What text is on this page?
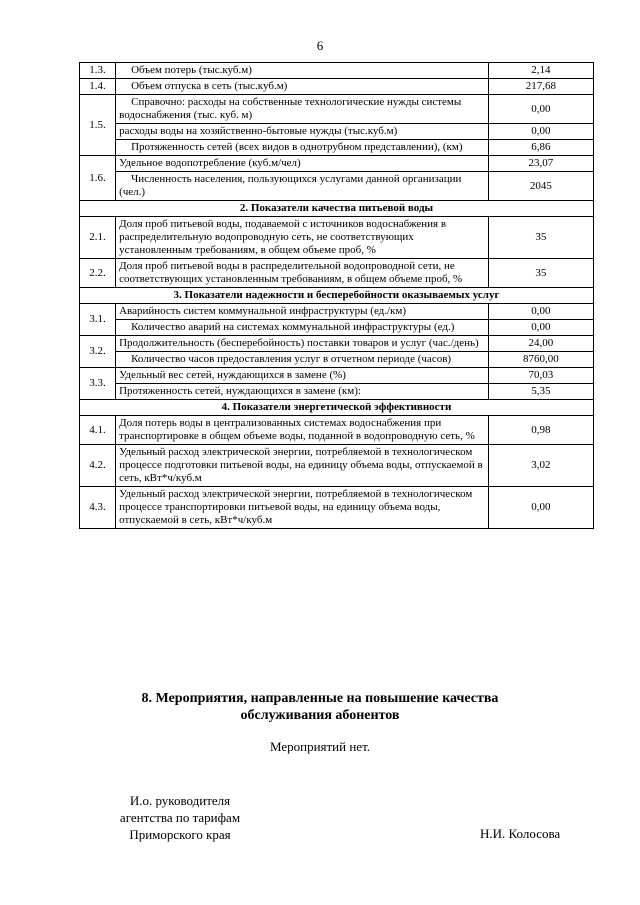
6
1.3.	Объем потерь (тыс.куб.м)	2,14
1.4.	Объем отпуска в сеть (тыс.куб.м)	217,68
1.5.	Справочно: расходы на собственные технологические нужды системы водоснабжения (тыс. куб. м)	0,00
	расходы воды на хозяйственно-бытовые нужды (тыс.куб.м)	0,00
	Протяженность сетей (всех видов в однотрубном представлении), (км)	6,86
1.6.	Удельное водопотребление (куб.м/чел)	23,07
	Численность населения, пользующихся услугами данной организации (чел.)	2045
2. Показатели качества питьевой воды		
2.1.	Доля проб питьевой воды, подаваемой с источников водоснабжения в распределительную водопроводную сеть, не соответствующих установленным требованиям, в общем объеме проб, %	35
2.2.	Доля проб питьевой воды в распределительной водопроводной сети, не соответствующих установленным требованиям, в общем объеме проб, %	35
3. Показатели надежности и бесперебойности оказываемых услуг		
3.1.	Аварийность систем коммунальной инфраструктуры (ед./км)	0,00
	Количество аварий на системах коммунальной инфраструктуры (ед.)	0,00
3.2.	Продолжительность (бесперебойность) поставки товаров и услуг (час./день)	24,00
	Количество часов предоставления услуг в отчетном периоде (часов)	8760,00
3.3.	Удельный вес сетей, нуждающихся в замене (%)	70,03
	Протяженность сетей, нуждающихся в замене (км):	5,35
4. Показатели энергетической эффективности		
4.1.	Доля потерь воды в централизованных системах водоснабжения при транспортировке в общем объеме воды, поданной в водопроводную сеть, %	0,98
4.2.	Удельный расход электрической энергии, потребляемой в технологическом процессе подготовки питьевой воды, на единицу объема воды, отпускаемой в сеть, кВт*ч/куб.м	3,02
4.3.	Удельный расход электрической энергии, потребляемой в технологическом процессе транспортировки питьевой воды, на единицу объема воды, отпускаемой в сеть, кВт*ч/куб.м	0,00
8. Мероприятия, направленные на повышение качества
обслуживания абонентов
Мероприятий нет.
И.о. руководителя
агентства по тарифам
Приморского края	Н.И. Колосова
